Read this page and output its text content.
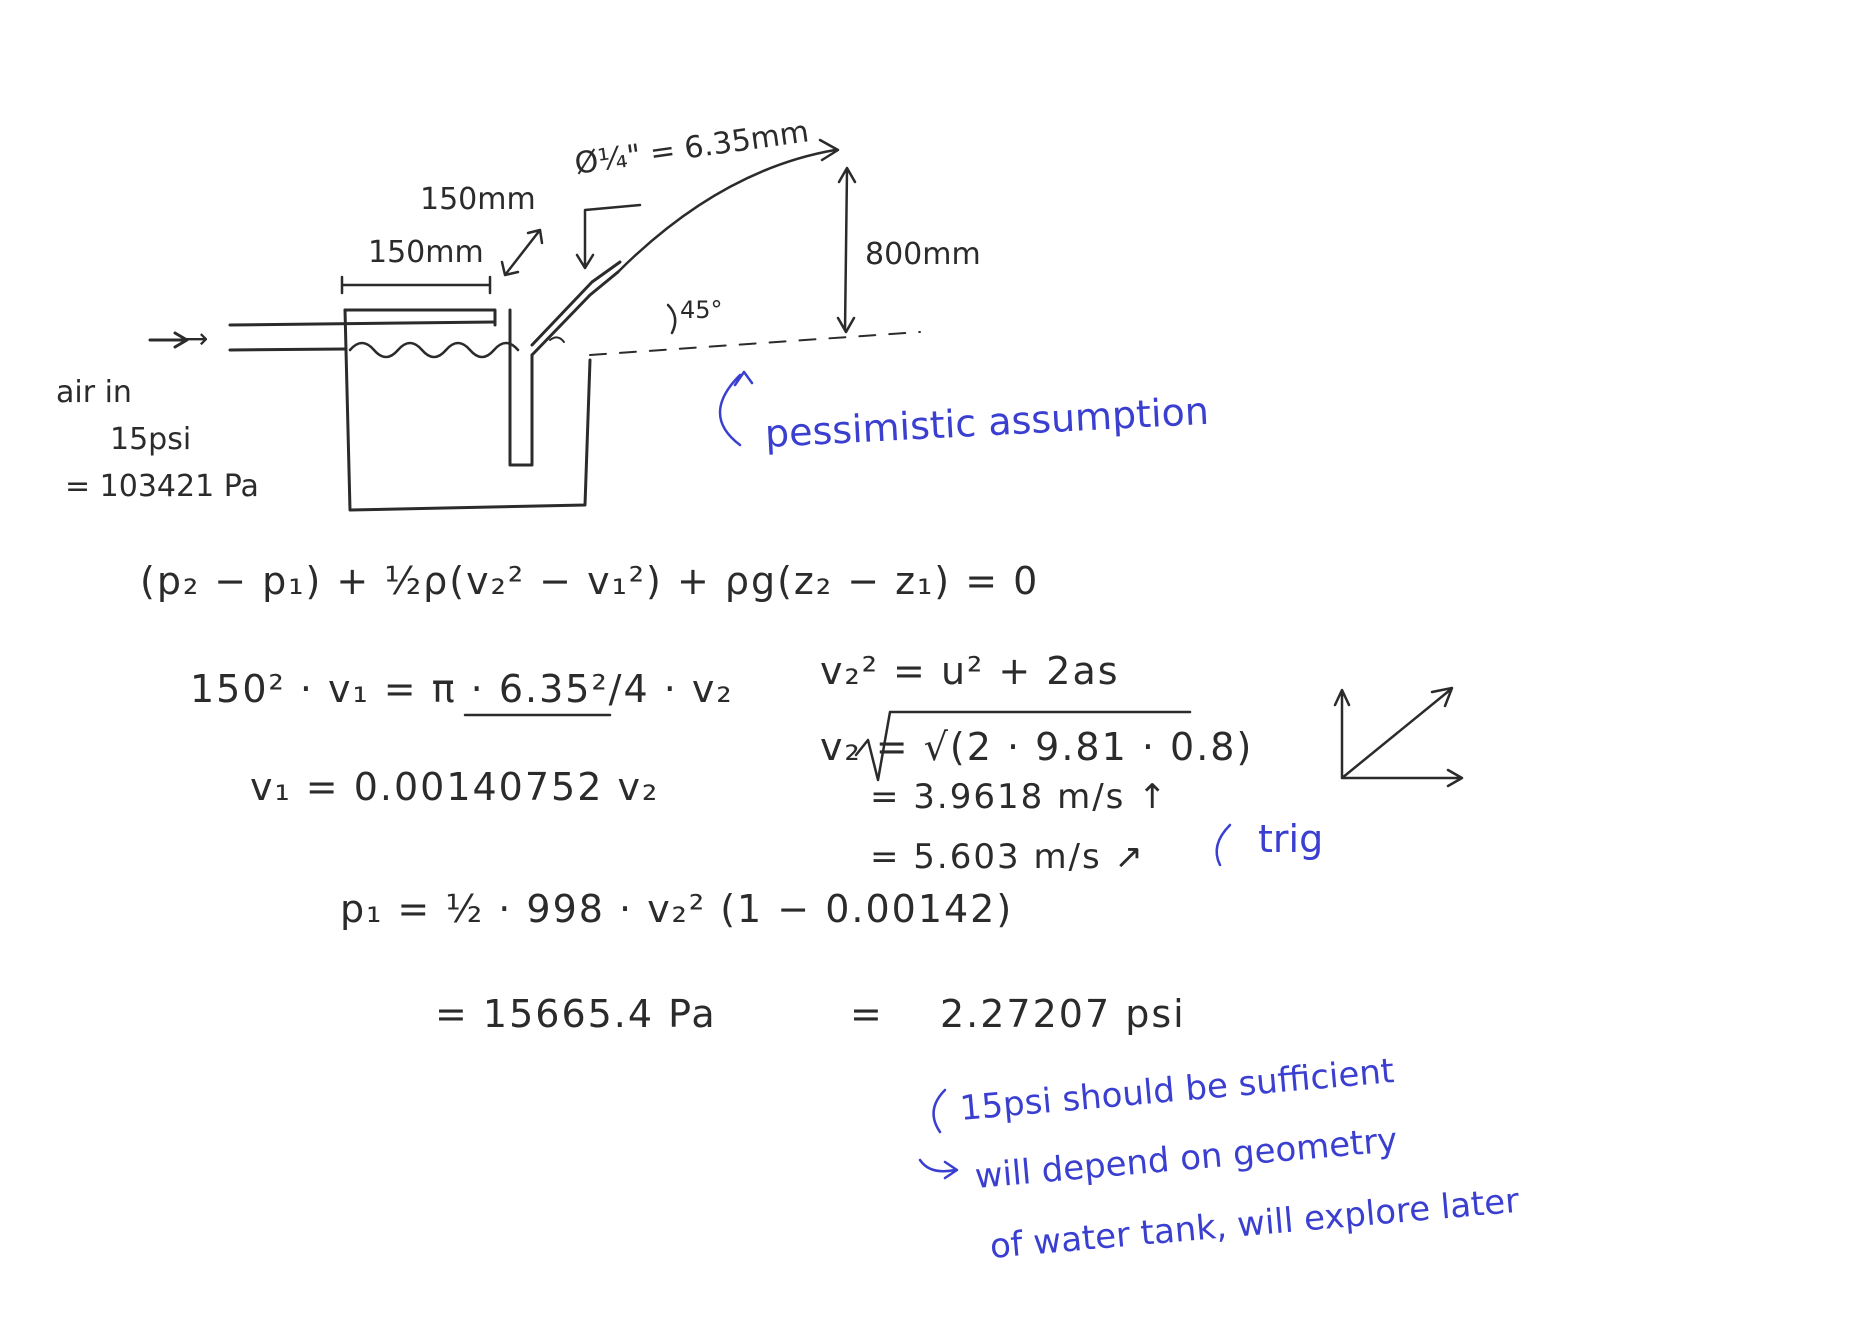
air in
15psi
= 103421 Pa
→
150mm
150mm
Ø¼" = 6.35mm
800mm
45°
pessimistic assumption
trig
15psi should be sufficient
will depend on geometry
of water tank, will explore later
(p₂ − p₁) + ½ρ(v₂² − v₁²) + ρg(z₂ − z₁) = 0
150² · v₁ = π · 6.35²/4 · v₂
v₁ = 0.00140752 v₂
v₂² = u² + 2as
v₂ = √(2 · 9.81 · 0.8)
= 3.9618 m/s ↑
= 5.603 m/s ↗
p₁ = ½ · 998 · v₂² (1 − 0.00142)
= 15665.4 Pa	= 2.27207 psi
